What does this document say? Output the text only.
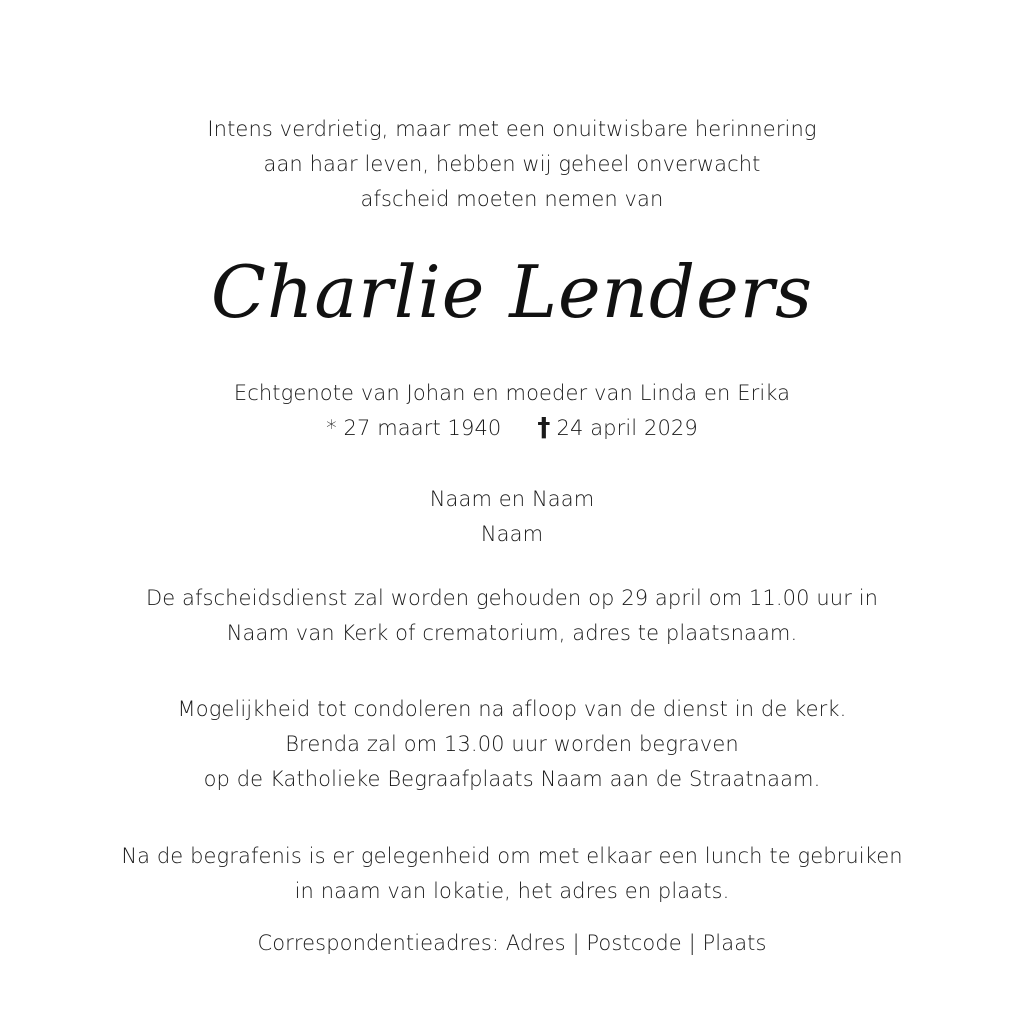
Intens verdrietig, maar met een onuitwisbare herinnering
aan haar leven, hebben wij geheel onverwacht
afscheid moeten nemen van
Charlie Lenders
Echtgenote van Johan en moeder van Linda en Erika
* 27 maart 1940 † 24 april 2029
Naam en Naam
Naam
De afscheidsdienst zal worden gehouden op 29 april om 11.00 uur in
Naam van Kerk of crematorium, adres te plaatsnaam.
Mogelijkheid tot condoleren na afloop van de dienst in de kerk.
Brenda zal om 13.00 uur worden begraven
op de Katholieke Begraafplaats Naam aan de Straatnaam.
Na de begrafenis is er gelegenheid om met elkaar een lunch te gebruiken
in naam van lokatie, het adres en plaats.
Correspondentieadres: Adres | Postcode | Plaats
